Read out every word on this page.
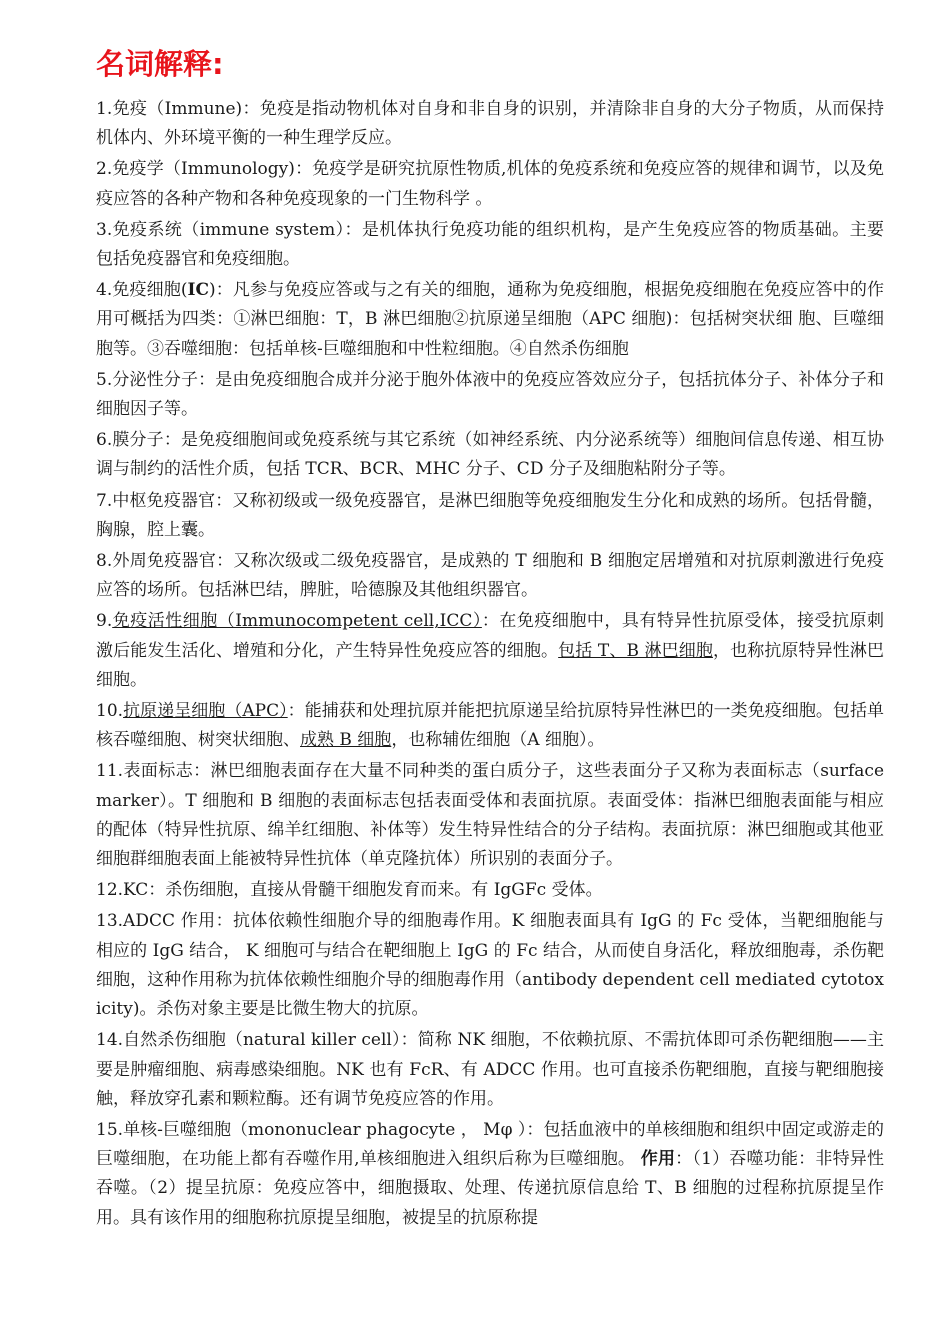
名词解释:

1.免疫（Immune)：免疫是指动物机体对自身和非自身的识别，并清除非自身的大分子物质，从而保持机体内、外环境平衡的一种生理学反应。

2.免疫学（Immunology)：免疫学是研究抗原性物质,机体的免疫系统和免疫应答的规律和调节，以及免疫应答的各种产物和各种免疫现象的一门生物科学 。

3.免疫系统（immune system）：是机体执行免疫功能的组织机构，是产生免疫应答的物质基础。主要包括免疫器官和免疫细胞。

4.免疫细胞(IC)：凡参与免疫应答或与之有关的细胞，通称为免疫细胞，根据免疫细胞在免疫应答中的作用可概括为四类：①淋巴细胞：T，B 淋巴细胞②抗原递呈细胞（APC 细胞)：包括树突状细 胞、巨噬细胞等。③吞噬细胞：包括单核-巨噬细胞和中性粒细胞。④自然杀伤细胞

5.分泌性分子：是由免疫细胞合成并分泌于胞外体液中的免疫应答效应分子，包括抗体分子、补体分子和细胞因子等。

6.膜分子：是免疫细胞间或免疫系统与其它系统（如神经系统、内分泌系统等）细胞间信息传递、相互协调与制约的活性介质，包括 TCR、BCR、MHC 分子、CD 分子及细胞粘附分子等。

7.中枢免疫器官：又称初级或一级免疫器官，是淋巴细胞等免疫细胞发生分化和成熟的场所。包括骨髓，胸腺，腔上囊。

8.外周免疫器官：又称次级或二级免疫器官，是成熟的 T 细胞和 B 细胞定居增殖和对抗原刺激进行免疫应答的场所。包括淋巴结，脾脏，哈德腺及其他组织器官。

9.免疫活性细胞（Immunocompetent cell,ICC）：在免疫细胞中，具有特异性抗原受体，接受抗原刺激后能发生活化、增殖和分化，产生特异性免疫应答的细胞。包括 T、B 淋巴细胞，也称抗原特异性淋巴细胞。

10.抗原递呈细胞（APC）：能捕获和处理抗原并能把抗原递呈给抗原特异性淋巴的一类免疫细胞。包括单核吞噬细胞、树突状细胞、成熟 B 细胞，也称辅佐细胞（A 细胞）。

11.表面标志：淋巴细胞表面存在大量不同种类的蛋白质分子，这些表面分子又称为表面标志（surface marker）。T 细胞和 B 细胞的表面标志包括表面受体和表面抗原。表面受体：指淋巴细胞表面能与相应的配体（特异性抗原、绵羊红细胞、补体等）发生特异性结合的分子结构。表面抗原：淋巴细胞或其他亚细胞群细胞表面上能被特异性抗体（单克隆抗体）所识别的表面分子。

12.KC：杀伤细胞，直接从骨髓干细胞发育而来。有 IgGFc 受体。

13.ADCC 作用：抗体依赖性细胞介导的细胞毒作用。K 细胞表面具有 IgG 的 Fc 受体，当靶细胞能与相应的 IgG 结合， K 细胞可与结合在靶细胞上 IgG 的 Fc 结合，从而使自身活化，释放细胞毒，杀伤靶细胞，这种作用称为抗体依赖性细胞介导的细胞毒作用（antibody dependent cell mediated cytotoxicity)。杀伤对象主要是比微生物大的抗原。

14.自然杀伤细胞（natural killer cell）：简称 NK 细胞，不依赖抗原、不需抗体即可杀伤靶细胞——主要是肿瘤细胞、病毒感染细胞。NK 也有 FcR、有 ADCC 作用。也可直接杀伤靶细胞，直接与靶细胞接触，释放穿孔素和颗粒酶。还有调节免疫应答的作用。

15.单核-巨噬细胞（mononuclear phagocyte ， Mφ ）：包括血液中的单核细胞和组织中固定或游走的巨噬细胞，在功能上都有吞噬作用,单核细胞进入组织后称为巨噬细胞。 作用：（1）吞噬功能：非特异性吞噬。（2）提呈抗原：免疫应答中，细胞摄取、处理、传递抗原信息给 T、B 细胞的过程称抗原提呈作用。具有该作用的细胞称抗原提呈细胞，被提呈的抗原称提
